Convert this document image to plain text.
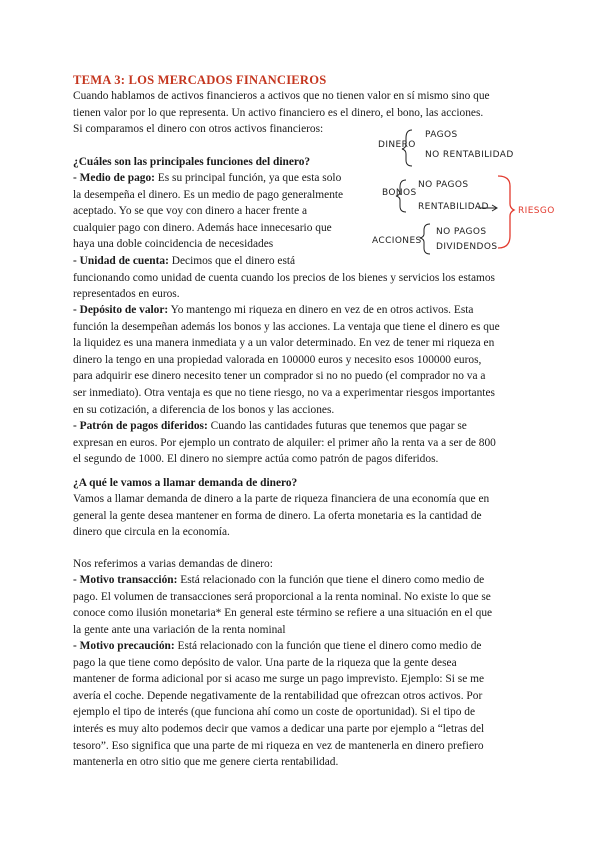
TEMA 3: LOS MERCADOS FINANCIEROS
Cuando hablamos de activos financieros a activos que no tienen valor en sí mismo sino que
tienen valor por lo que representa. Un activo financiero es el dinero, el bono, las acciones.
Si comparamos el dinero con otros activos financieros:
¿Cuáles son las principales funciones del dinero?
- Medio de pago: Es su principal función, ya que esta solo
la desempeña el dinero. Es un medio de pago generalmente
aceptado. Yo se que voy con dinero a hacer frente a
cualquier pago con dinero. Además hace innecesario que
haya una doble coincidencia de necesidades
- Unidad de cuenta: Decimos que el dinero está
funcionando como unidad de cuenta cuando los precios de los bienes y servicios los estamos
representados en euros.
- Depósito de valor: Yo mantengo mi riqueza en dinero en vez de en otros activos. Esta
función la desempeñan además los bonos y las acciones. La ventaja que tiene el dinero es que
la liquidez es una manera inmediata y a un valor determinado. En vez de tener mi riqueza en
dinero la tengo en una propiedad valorada en 100000 euros y necesito esos 100000 euros,
para adquirir ese dinero necesito tener un comprador si no no puedo (el comprador no va a
ser inmediato). Otra ventaja es que no tiene riesgo, no va a experimentar riesgos importantes
en su cotización, a diferencia de los bonos y las acciones.
- Patrón de pagos diferidos: Cuando las cantidades futuras que tenemos que pagar se
expresan en euros. Por ejemplo un contrato de alquiler: el primer año la renta va a ser de 800
el segundo de 1000. El dinero no siempre actúa como patrón de pagos diferidos.
¿A qué le vamos a llamar demanda de dinero?
Vamos a llamar demanda de dinero a la parte de riqueza financiera de una economía que en
general la gente desea mantener en forma de dinero. La oferta monetaria es la cantidad de
dinero que circula en la economía.
Nos referimos a varias demandas de dinero:
- Motivo transacción: Está relacionado con la función que tiene el dinero como medio de
pago. El volumen de transacciones será proporcional a la renta nominal. No existe lo que se
conoce como ilusión monetaria* En general este término se refiere a una situación en el que
la gente ante una variación de la renta nominal
- Motivo precaución: Está relacionado con la función que tiene el dinero como medio de
pago la que tiene como depósito de valor. Una parte de la riqueza que la gente desea
mantener de forma adicional por si acaso me surge un pago imprevisto. Ejemplo: Si se me
avería el coche. Depende negativamente de la rentabilidad que ofrezcan otros activos. Por
ejemplo el tipo de interés (que funciona ahí como un coste de oportunidad). Si el tipo de
interés es muy alto podemos decir que vamos a dedicar una parte por ejemplo a “letras del
tesoro”. Eso significa que una parte de mi riqueza en vez de mantenerla en dinero prefiero
mantenerla en otro sitio que me genere cierta rentabilidad.
DINERO
PAGOS
NO RENTABILIDAD
BONOS
NO PAGOS
RENTABILIDAD	RIESGO
ACCIONES
NO PAGOS
DIVIDENDOS
